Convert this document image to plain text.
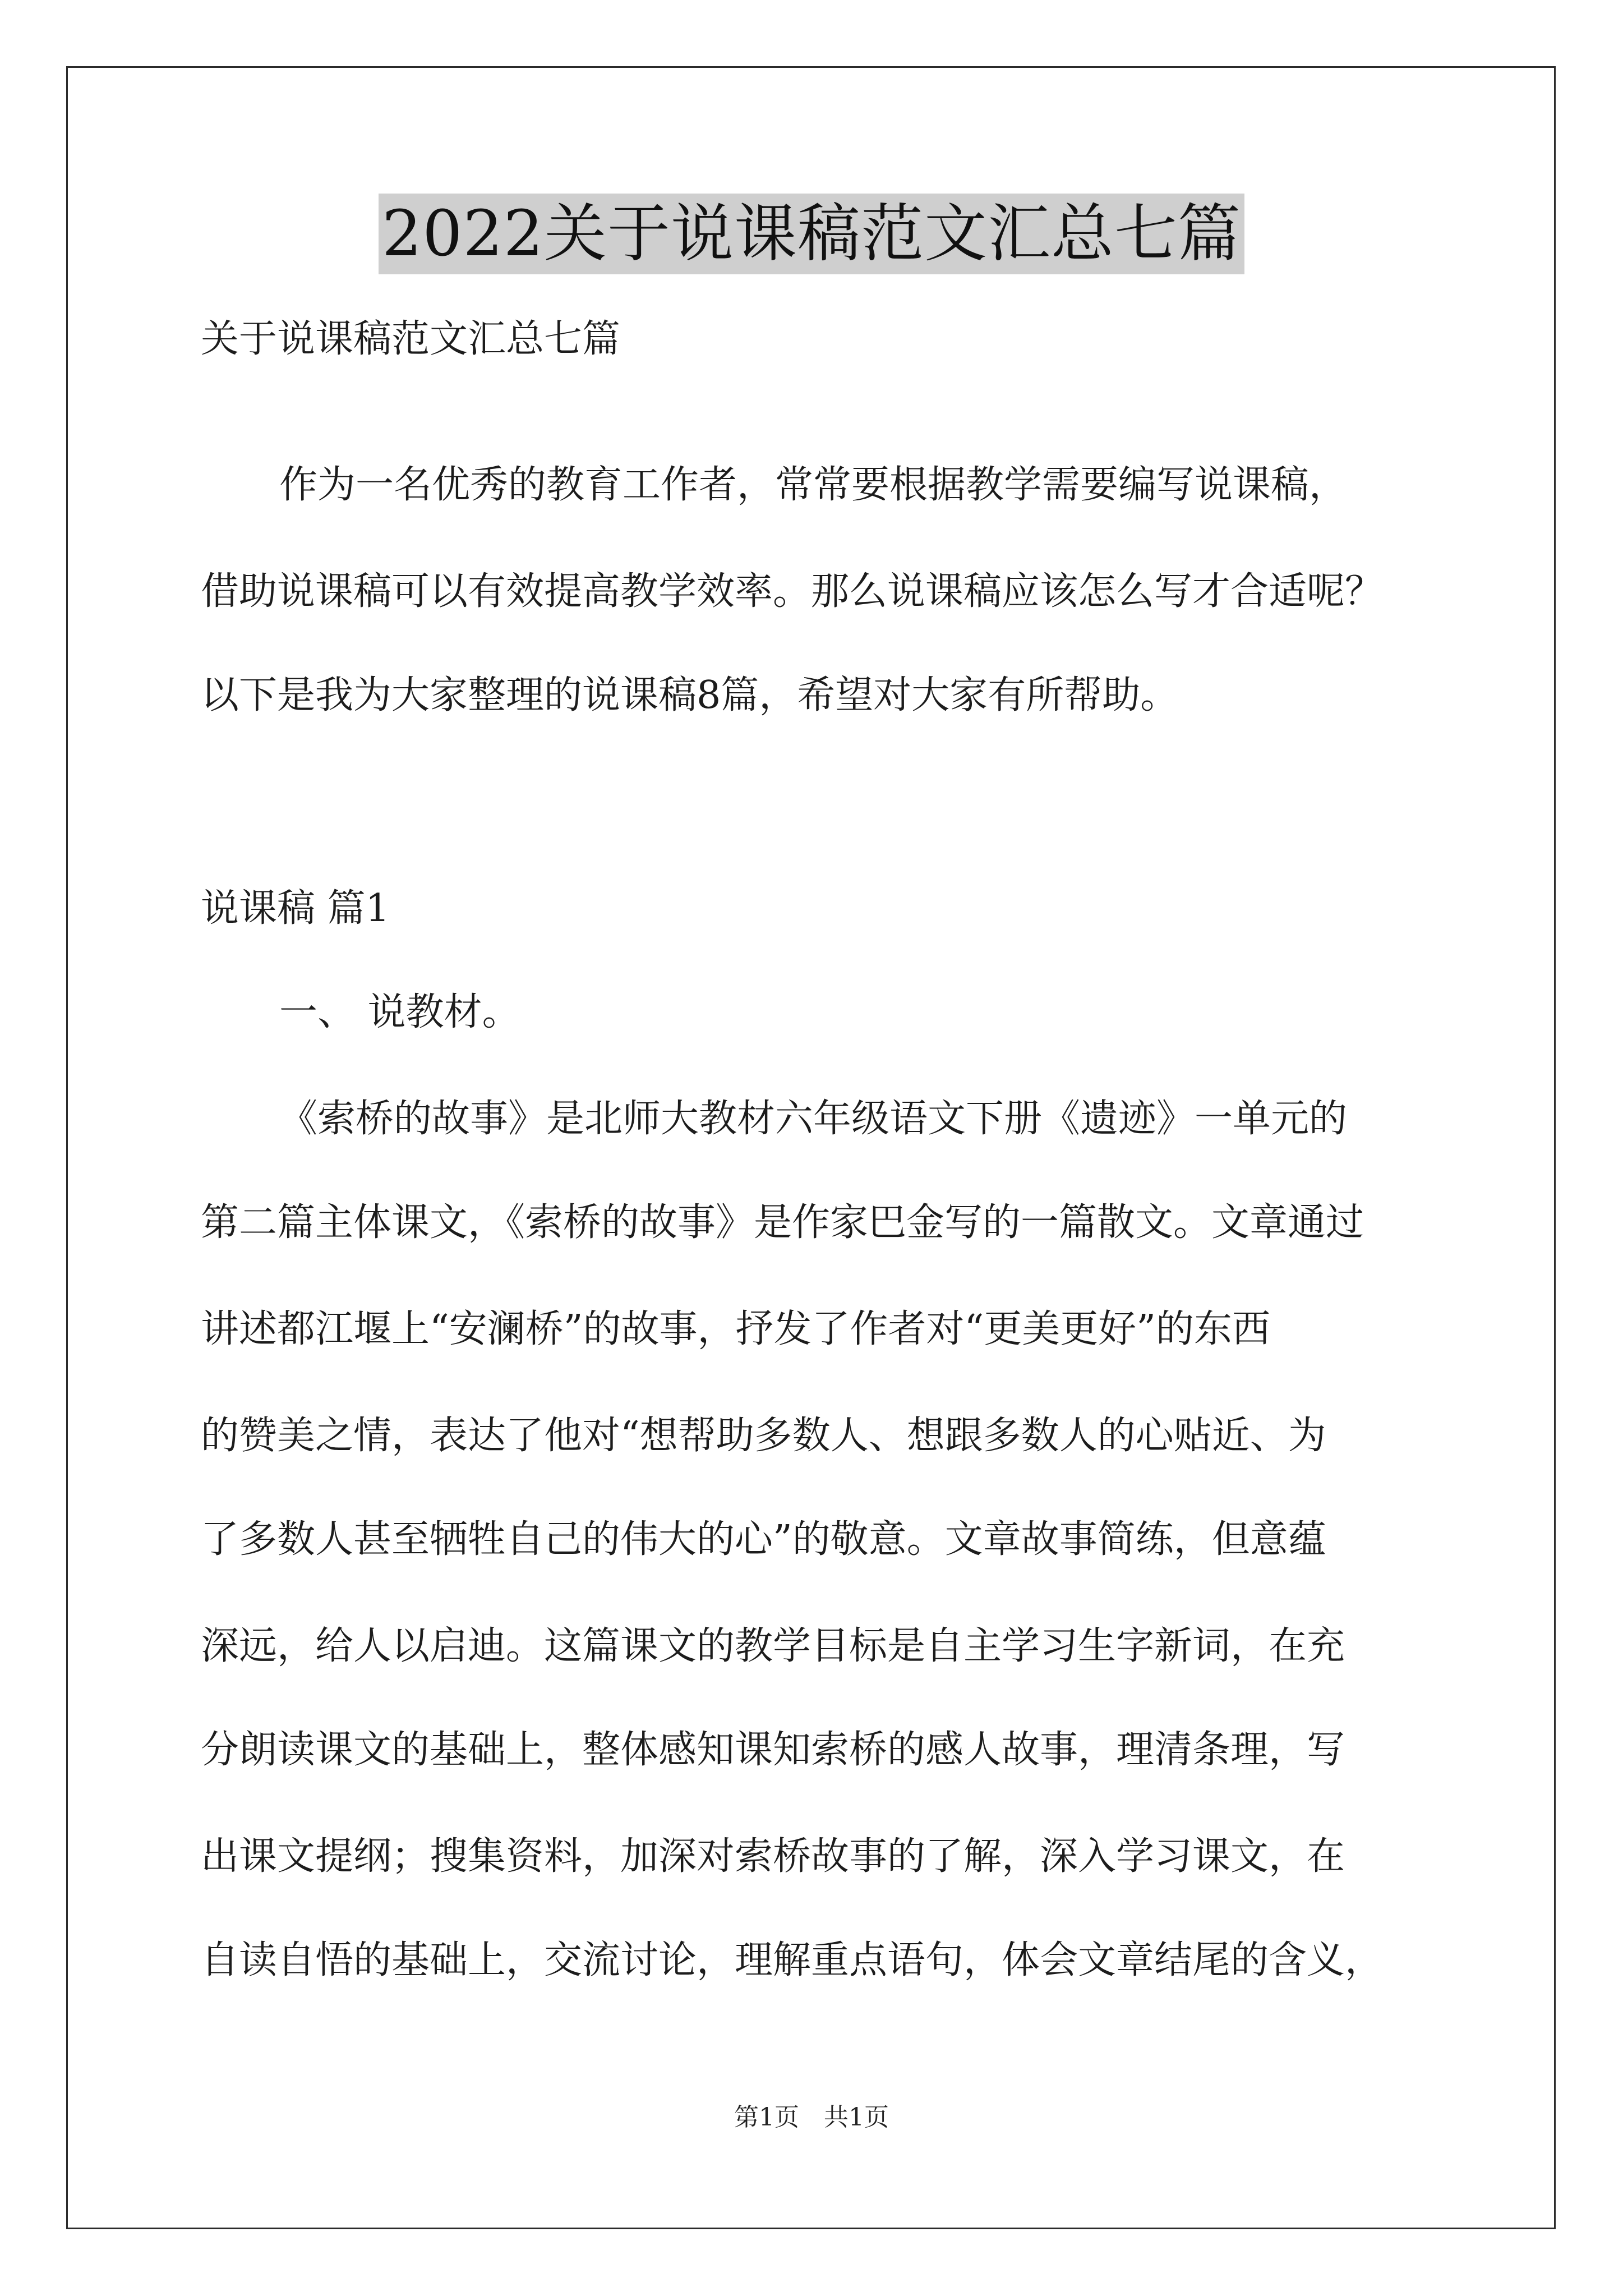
2022关于说课稿范文汇总七篇
关于说课稿范文汇总七篇
作为一名优秀的教育工作者，常常要根据教学需要编写说课稿，
借助说课稿可以有效提高教学效率。那么说课稿应该怎么写才合适呢？
以下是我为大家整理的说课稿8篇，希望对大家有所帮助。
说课稿 篇1
一、 说教材。
《索桥的故事》是北师大教材六年级语文下册《遗迹》一单元的
第二篇主体课文，《索桥的故事》是作家巴金写的一篇散文。文章通过
讲述都江堰上“安澜桥”的故事，抒发了作者对“更美更好”的东西
的赞美之情，表达了他对“想帮助多数人、想跟多数人的心贴近、为
了多数人甚至牺牲自己的伟大的心”的敬意。文章故事简练，但意蕴
深远，给人以启迪。这篇课文的教学目标是自主学习生字新词，在充
分朗读课文的基础上，整体感知课知索桥的感人故事，理清条理，写
出课文提纲；搜集资料，加深对索桥故事的了解，深入学习课文，在
自读自悟的基础上，交流讨论，理解重点语句，体会文章结尾的含义，
第1页　共1页
